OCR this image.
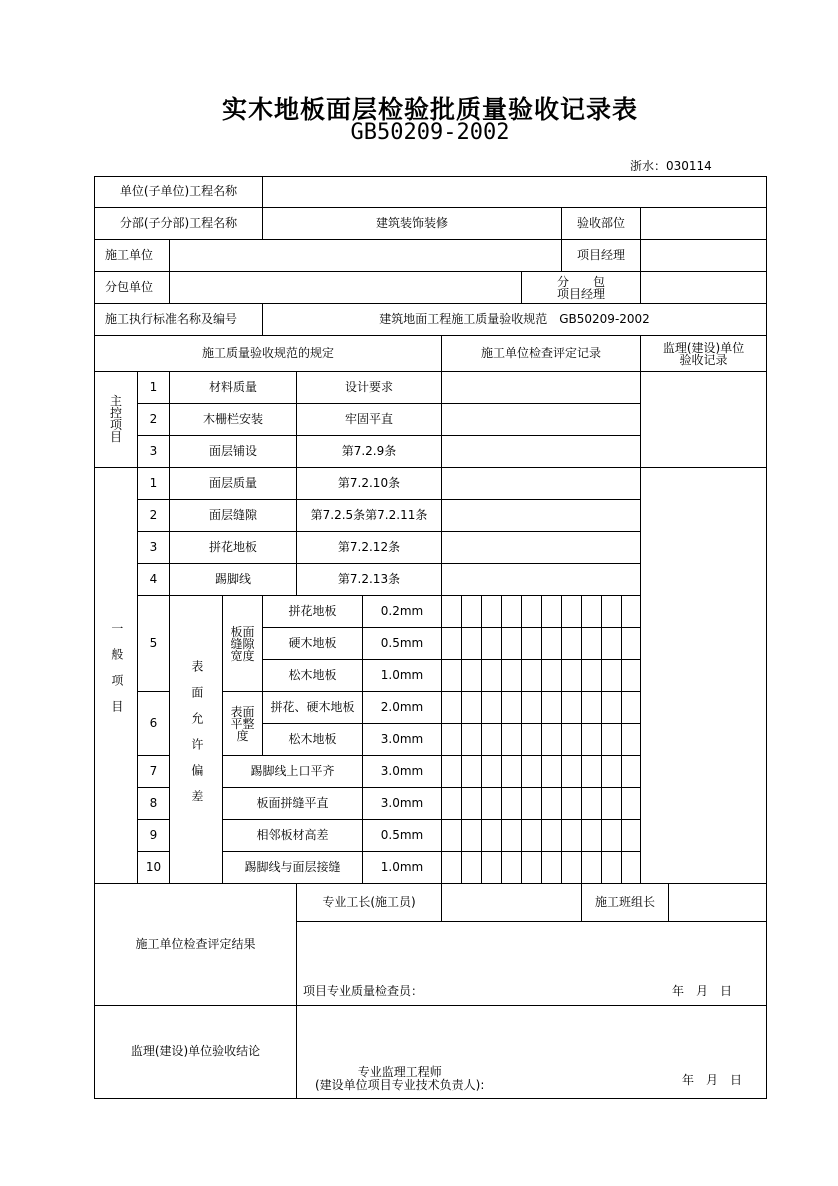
实木地板面层检验批质量验收记录表
GB50209-2002
浙水：030114
单位(子单位)工程名称																		
分部(子分部)工程名称				建筑装饰装修									验收部位					
施工单位													项目经理					
分包单位											分　　包
项目经理							

施工执行标准名称及编号				建筑地面工程施工质量验收规范　GB50209-2002														
施工质量验收规范的规定							施工单位检查评定记录										监理(建设)单位验收记录	

主控项目	1	材料质量			设计要求													
	2	木栅栏安装			牢固平直													
	3	面层铺设			第7.2.9条													
一般项目	1	面层质量			第7.2.10条													
	2	面层缝隙			第7.2.5条第7.2.11条													
	3	拼花地板			第7.2.12条													
	4	踢脚线			第7.2.13条													
	5	表面允许偏差	板面缝隙宽度	拼花地板		0.2mm												
				硬木地板		0.5mm												
				松木地板		1.0mm												
	6		表面平整度	拼花、硬木地板		2.0mm												
				松木地板		3.0mm												
	7		踢脚线上口平齐			3.0mm												
	8		板面拼缝平直			3.0mm												
	9		相邻板材高差			0.5mm												
	10		踢脚线与面层接缝			1.0mm												
施工单位检查评定结果					专业工长(施工员)									施工班组长				

					项目专业质量检查员： 年　月　日													

监理(建设)单位验收结论					专业监理工程师
(建设单位项目专业技术负责人): 年　月　日													
